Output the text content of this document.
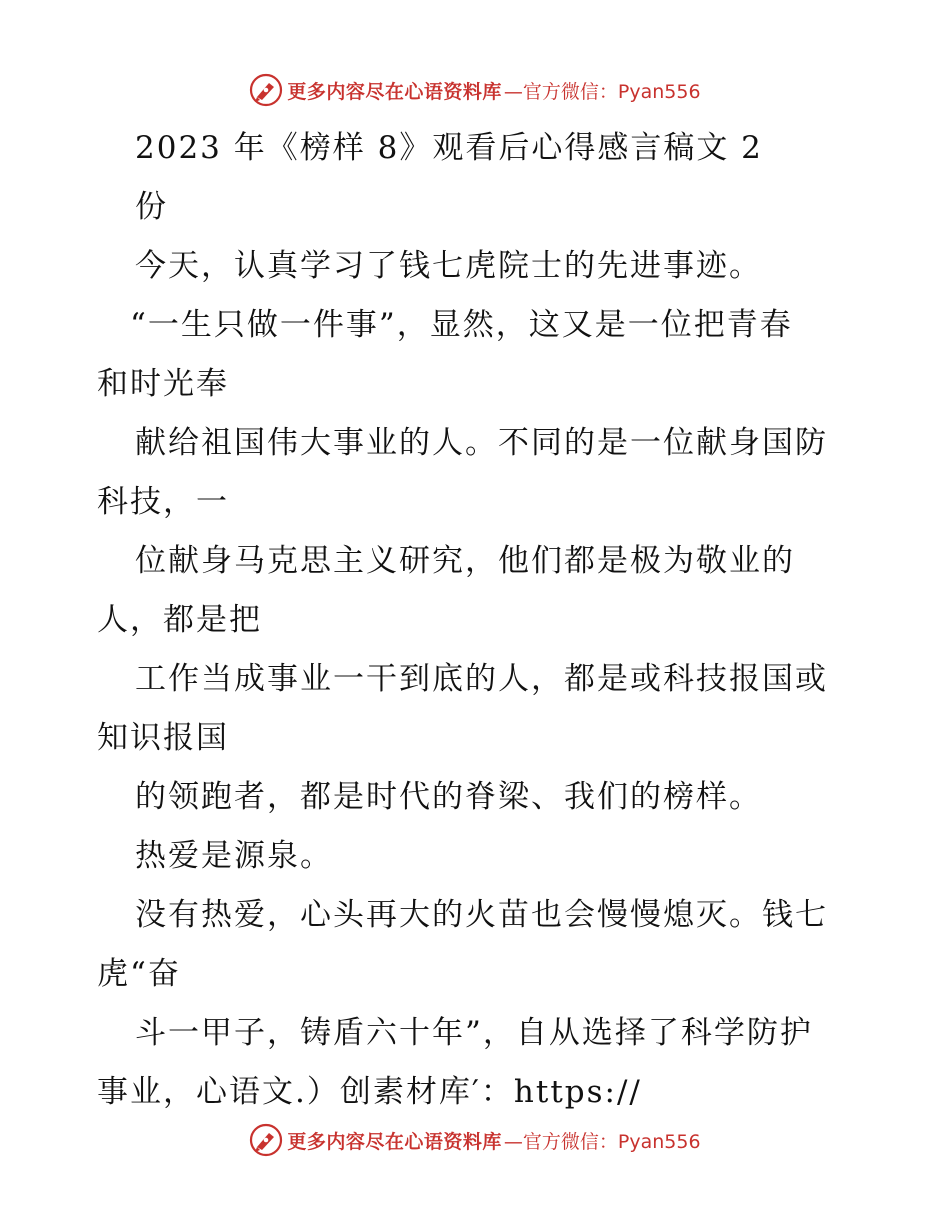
更多内容尽在心语资料库 —官方微信：Pyan556
2023 年《榜样 8》观看后心得感言稿文 2
份
今天，认真学习了钱七虎院士的先进事迹。
“一生只做一件事”，显然，这又是一位把青春
和时光奉
献给祖国伟大事业的人。不同的是一位献身国防
科技，一
位献身马克思主义研究，他们都是极为敬业的
人，都是把
工作当成事业一干到底的人，都是或科技报国或
知识报国
的领跑者，都是时代的脊梁、我们的榜样。
热爱是源泉。
没有热爱，心头再大的火苗也会慢慢熄灭。钱七
虎“奋
斗一甲子，铸盾六十年”，自从选择了科学防护
事业，心语文.）创素材库′：https://
更多内容尽在心语资料库 —官方微信：Pyan556
